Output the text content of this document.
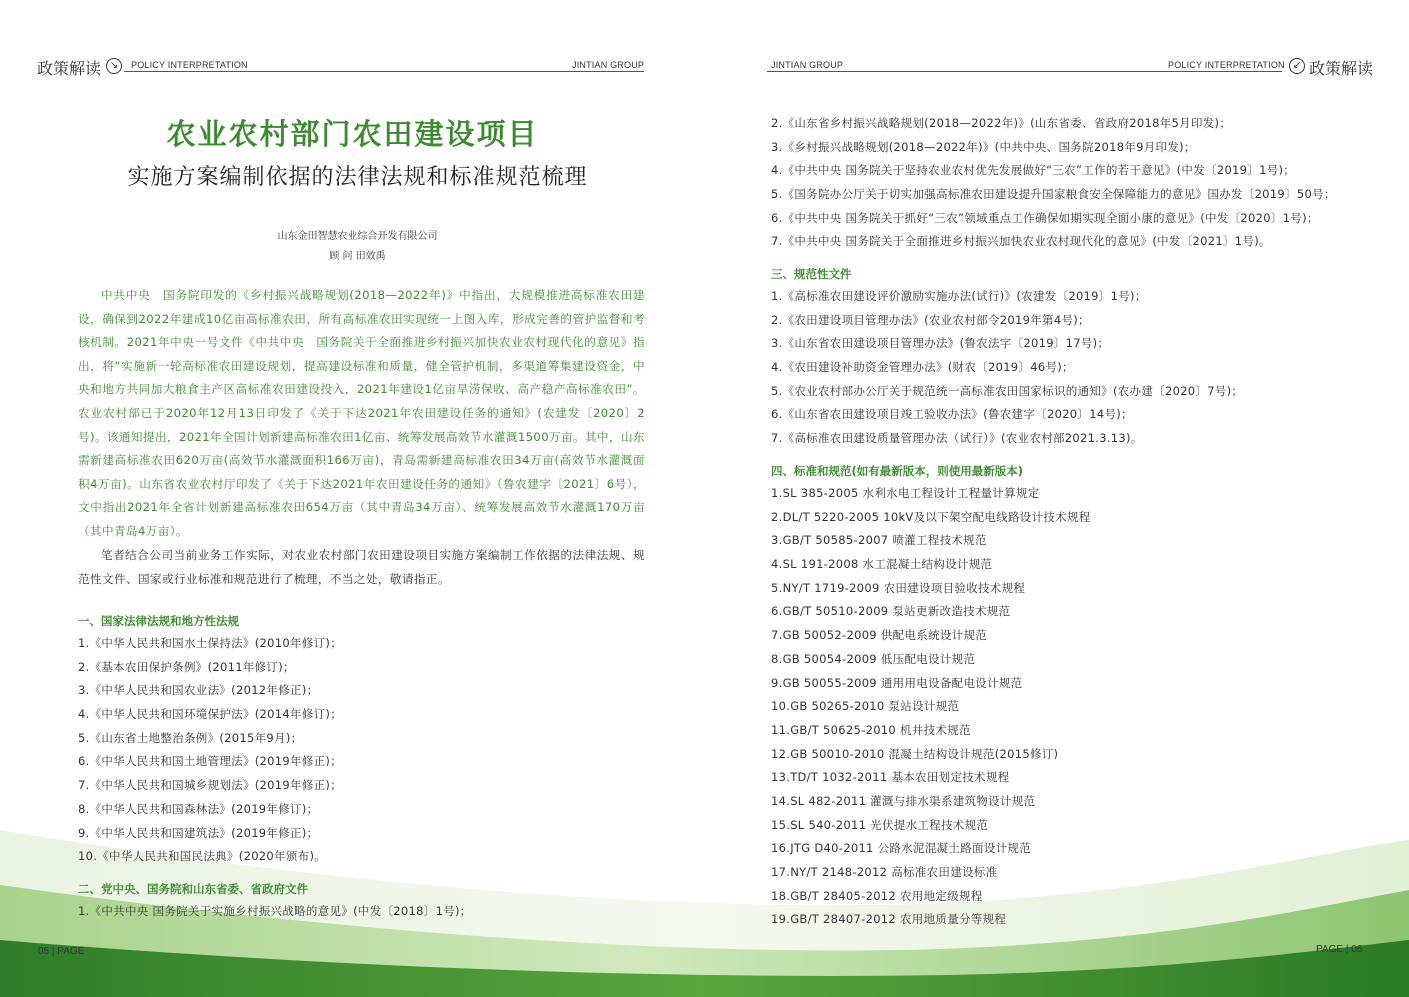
政策解读 ↘	POLICY INTERPRETATION	JINTIAN GROUP
农业农村部门农田建设项目
实施方案编制依据的法律法规和标准规范梳理
山东金田智慧农业综合开发有限公司
顾 问 田效禹
中共中央　国务院印发的《乡村振兴战略规划(2018—2022年)》中指出，大规模推进高标准农田建设，确保到2022年建成10亿亩高标准农田，所有高标准农田实现统一上图入库，形成完善的管护监督和考核机制。2021年中央一号文件《中共中央　国务院关于全面推进乡村振兴加快农业农村现代化的意见》指出，将“实施新一轮高标准农田建设规划，提高建设标准和质量，健全管护机制，多渠道筹集建设资金，中央和地方共同加大粮食主产区高标准农田建设投入，2021年建设1亿亩旱涝保收、高产稳产高标准农田”。农业农村部已于2020年12月13日印发了《关于下达2021年农田建设任务的通知》(农建发〔2020〕2号)。该通知提出，2021年全国计划新建高标准农田1亿亩、统筹发展高效节水灌溉1500万亩。其中，山东需新建高标准农田620万亩(高效节水灌溉面积166万亩)，青岛需新建高标准农田34万亩(高效节水灌溉面积4万亩)。山东省农业农村厅印发了《关于下达2021年农田建设任务的通知》（鲁农建字〔2021〕6号），文中指出2021年全省计划新建高标准农田654万亩（其中青岛34万亩）、统筹发展高效节水灌溉170万亩（其中青岛4万亩）。
笔者结合公司当前业务工作实际，对农业农村部门农田建设项目实施方案编制工作依据的法律法规、规范性文件、国家或行业标准和规范进行了梳理，不当之处，敬请指正。
一、国家法律法规和地方性法规
1.《中华人民共和国水土保持法》(2010年修订)；
2.《基本农田保护条例》(2011年修订)；
3.《中华人民共和国农业法》(2012年修正)；
4.《中华人民共和国环境保护法》(2014年修订)；
5.《山东省土地整治条例》(2015年9月)；
6.《中华人民共和国土地管理法》(2019年修正)；
7.《中华人民共和国城乡规划法》(2019年修正)；
8.《中华人民共和国森林法》(2019年修订)；
9.《中华人民共和国建筑法》(2019年修正)；
10.《中华人民共和国民法典》(2020年颁布)。
二、党中央、国务院和山东省委、省政府文件
1.《中共中央 国务院关于实施乡村振兴战略的意见》(中发〔2018〕1号)；
05 | PAGE
JINTIAN GROUP	POLICY INTERPRETATION ↙ 政策解读
2.《山东省乡村振兴战略规划(2018—2022年)》(山东省委、省政府2018年5月印发)；
3.《乡村振兴战略规划(2018—2022年)》(中共中央、国务院2018年9月印发)；
4.《中共中央 国务院关于坚持农业农村优先发展做好“三农”工作的若干意见》(中发〔2019〕1号)；
5.《国务院办公厅关于切实加强高标准农田建设提升国家粮食安全保障能力的意见》国办发〔2019〕50号；
6.《中共中央 国务院关于抓好“三农”领域重点工作确保如期实现全面小康的意见》(中发〔2020〕1号)；
7.《中共中央 国务院关于全面推进乡村振兴加快农业农村现代化的意见》(中发〔2021〕1号)。
三、规范性文件
1.《高标准农田建设评价激励实施办法(试行)》(农建发〔2019〕1号)；
2.《农田建设项目管理办法》(农业农村部令2019年第4号)；
3.《山东省农田建设项目管理办法》(鲁农法字〔2019〕17号)；
4.《农田建设补助资金管理办法》(财农〔2019〕46号)；
5.《农业农村部办公厅关于规范统一高标准农田国家标识的通知》(农办建〔2020〕7号)；
6.《山东省农田建设项目竣工验收办法》(鲁农建字〔2020〕14号)；
7.《高标准农田建设质量管理办法（试行）》(农业农村部2021.3.13)。
四、标准和规范(如有最新版本，则使用最新版本)
1.SL 385-2005 水利水电工程设计工程量计算规定
2.DL/T 5220-2005 10kV及以下架空配电线路设计技术规程
3.GB/T 50585-2007 喷灌工程技术规范
4.SL 191-2008 水工混凝土结构设计规范
5.NY/T 1719-2009 农田建设项目验收技术规程
6.GB/T 50510-2009 泵站更新改造技术规范
7.GB 50052-2009 供配电系统设计规范
8.GB 50054-2009 低压配电设计规范
9.GB 50055-2009 通用用电设备配电设计规范
10.GB 50265-2010 泵站设计规范
11.GB/T 50625-2010 机井技术规范
12.GB 50010-2010 混凝土结构设计规范(2015修订)
13.TD/T 1032-2011 基本农田划定技术规程
14.SL 482-2011 灌溉与排水渠系建筑物设计规范
15.SL 540-2011 光伏提水工程技术规范
16.JTG D40-2011 公路水泥混凝土路面设计规范
17.NY/T 2148-2012 高标准农田建设标准
18.GB/T 28405-2012 农用地定级规程
19.GB/T 28407-2012 农用地质量分等规程
PAGE | 06
